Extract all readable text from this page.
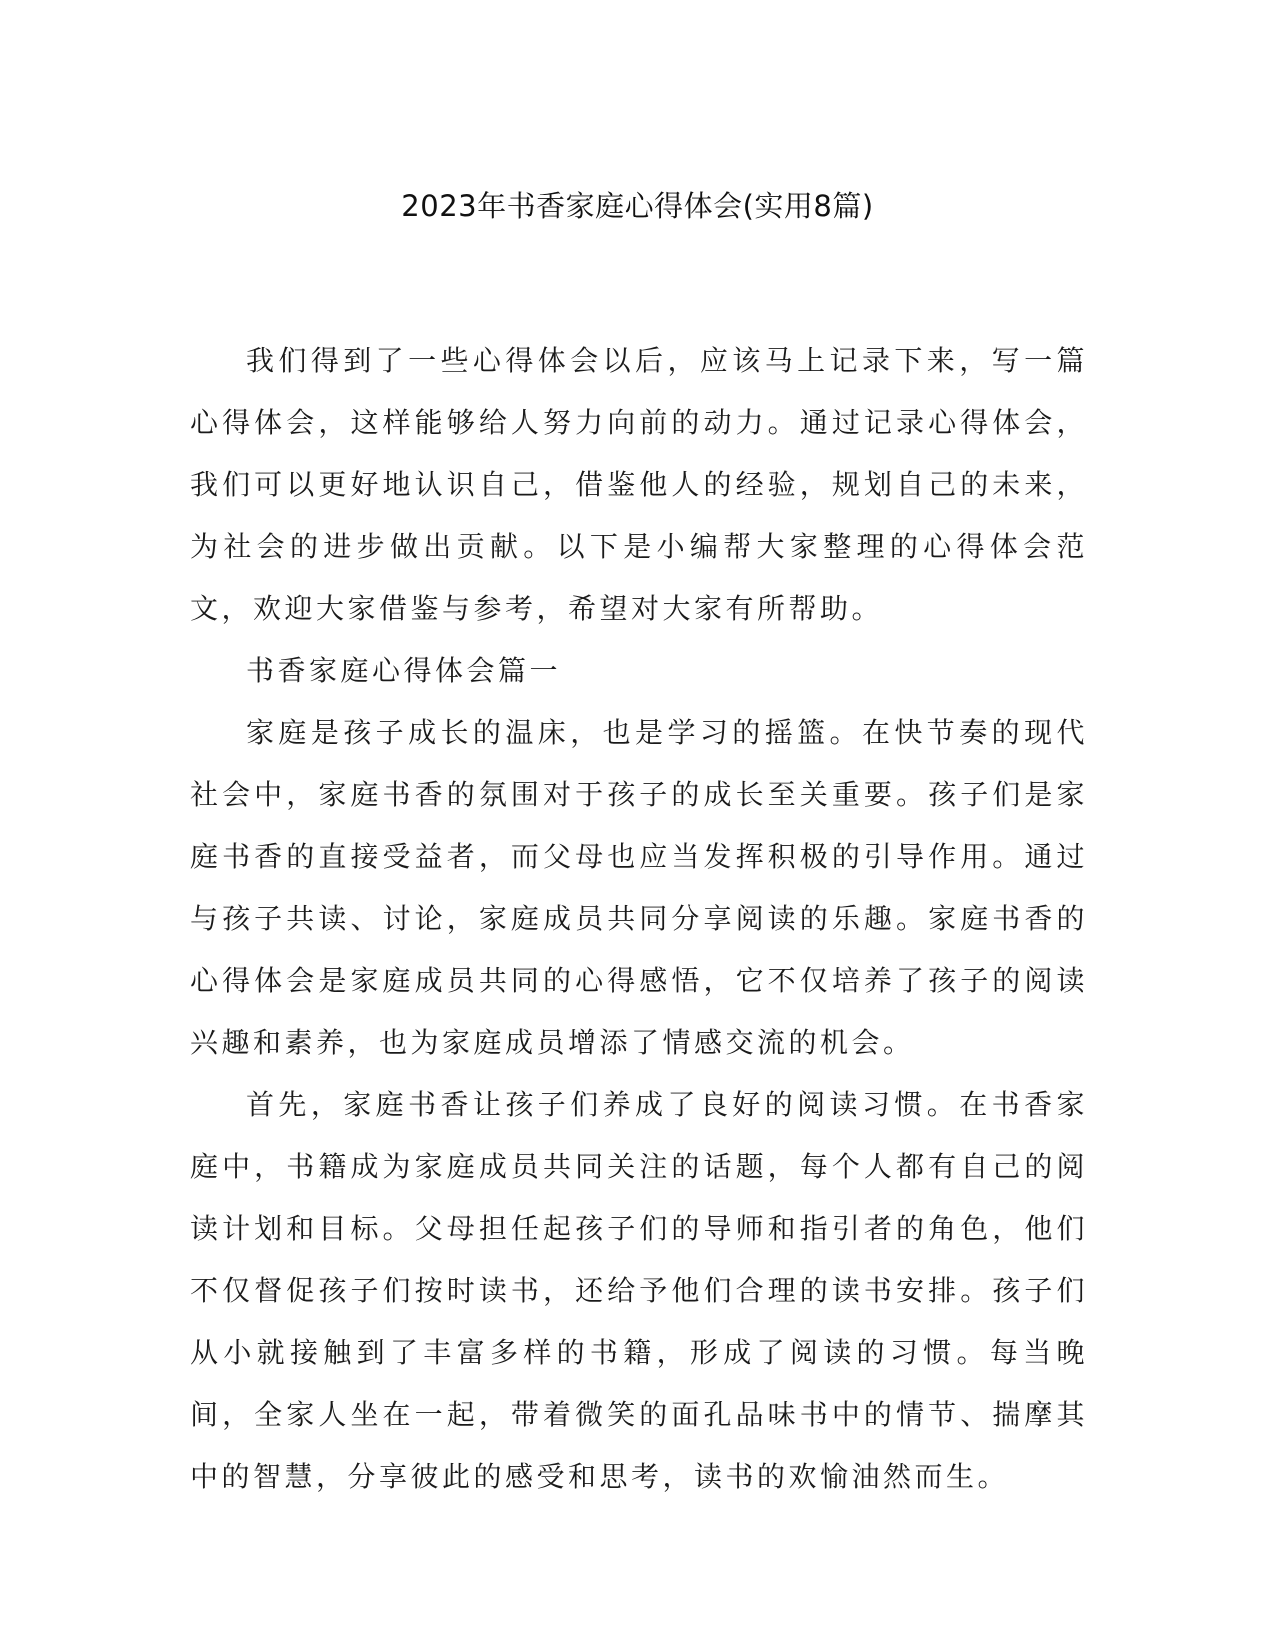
2023年书香家庭心得体会(实用8篇)

我们得到了一些心得体会以后，应该马上记录下来，写一篇心得体会，这样能够给人努力向前的动力。通过记录心得体会，我们可以更好地认识自己，借鉴他人的经验，规划自己的未来，为社会的进步做出贡献。以下是小编帮大家整理的心得体会范文，欢迎大家借鉴与参考，希望对大家有所帮助。

书香家庭心得体会篇一

家庭是孩子成长的温床，也是学习的摇篮。在快节奏的现代社会中，家庭书香的氛围对于孩子的成长至关重要。孩子们是家庭书香的直接受益者，而父母也应当发挥积极的引导作用。通过与孩子共读、讨论，家庭成员共同分享阅读的乐趣。家庭书香的心得体会是家庭成员共同的心得感悟，它不仅培养了孩子的阅读兴趣和素养，也为家庭成员增添了情感交流的机会。

首先，家庭书香让孩子们养成了良好的阅读习惯。在书香家庭中，书籍成为家庭成员共同关注的话题，每个人都有自己的阅读计划和目标。父母担任起孩子们的导师和指引者的角色，他们不仅督促孩子们按时读书，还给予他们合理的读书安排。孩子们从小就接触到了丰富多样的书籍，形成了阅读的习惯。每当晚间，全家人坐在一起，带着微笑的面孔品味书中的情节、揣摩其中的智慧，分享彼此的感受和思考，读书的欢愉油然而生。
